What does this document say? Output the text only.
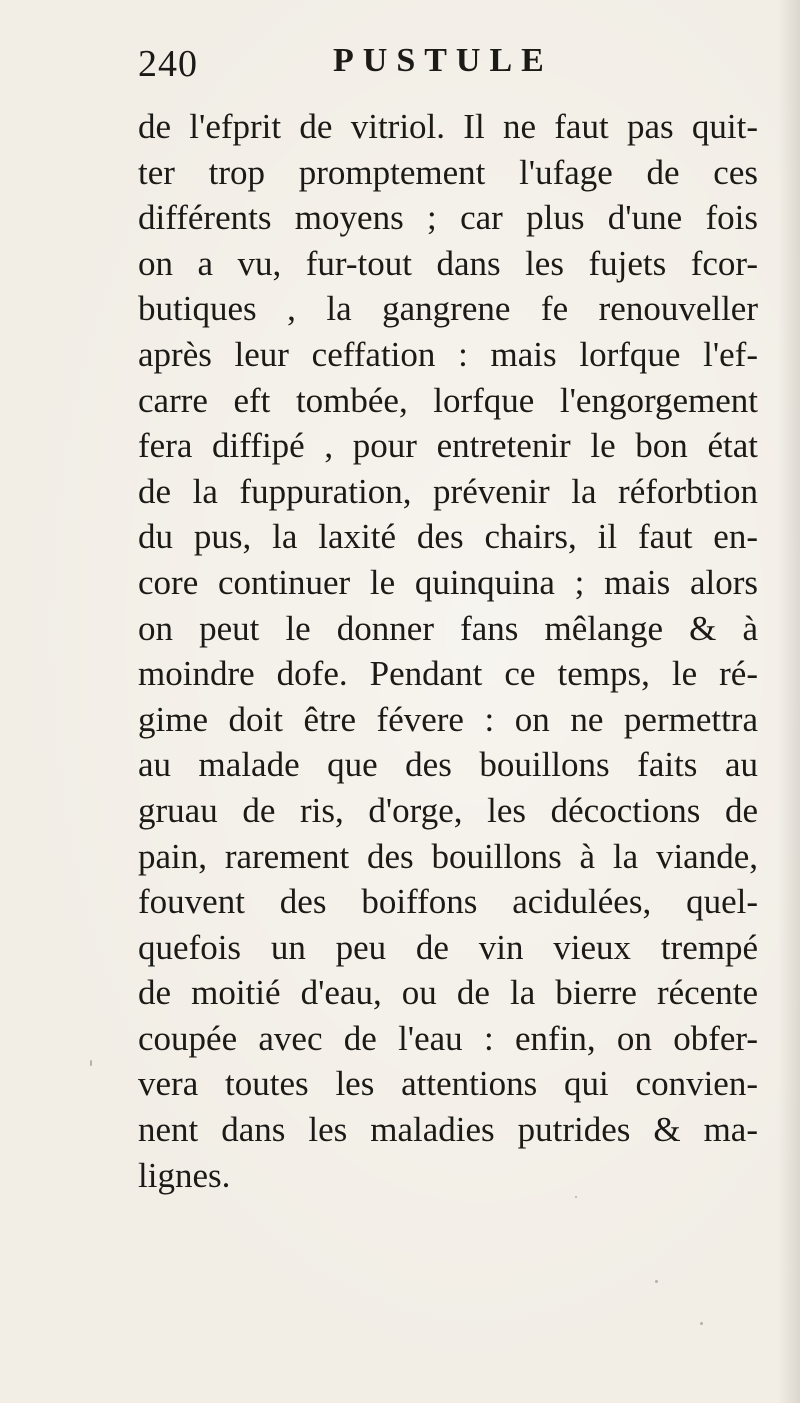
240	PUSTULE
de l'efprit de vitriol. Il ne faut pas quit-
ter trop promptement l'ufage de ces
différents moyens ; car plus d'une fois
on a vu, fur-tout dans les fujets fcor-
butiques , la gangrene fe renouveller
après leur ceffation : mais lorfque l'ef-
carre eft tombée, lorfque l'engorgement
fera diffipé , pour entretenir le bon état
de la fuppuration, prévenir la réforbtion
du pus, la laxité des chairs, il faut en-
core continuer le quinquina ; mais alors
on peut le donner fans mêlange & à
moindre dofe. Pendant ce temps, le ré-
gime doit être févere : on ne permettra
au malade que des bouillons faits au
gruau de ris, d'orge, les décoctions de
pain, rarement des bouillons à la viande,
fouvent des boiffons acidulées, quel-
quefois un peu de vin vieux trempé
de moitié d'eau, ou de la bierre récente
coupée avec de l'eau : enfin, on obfer-
vera toutes les attentions qui convien-
nent dans les maladies putrides & ma-
lignes.
